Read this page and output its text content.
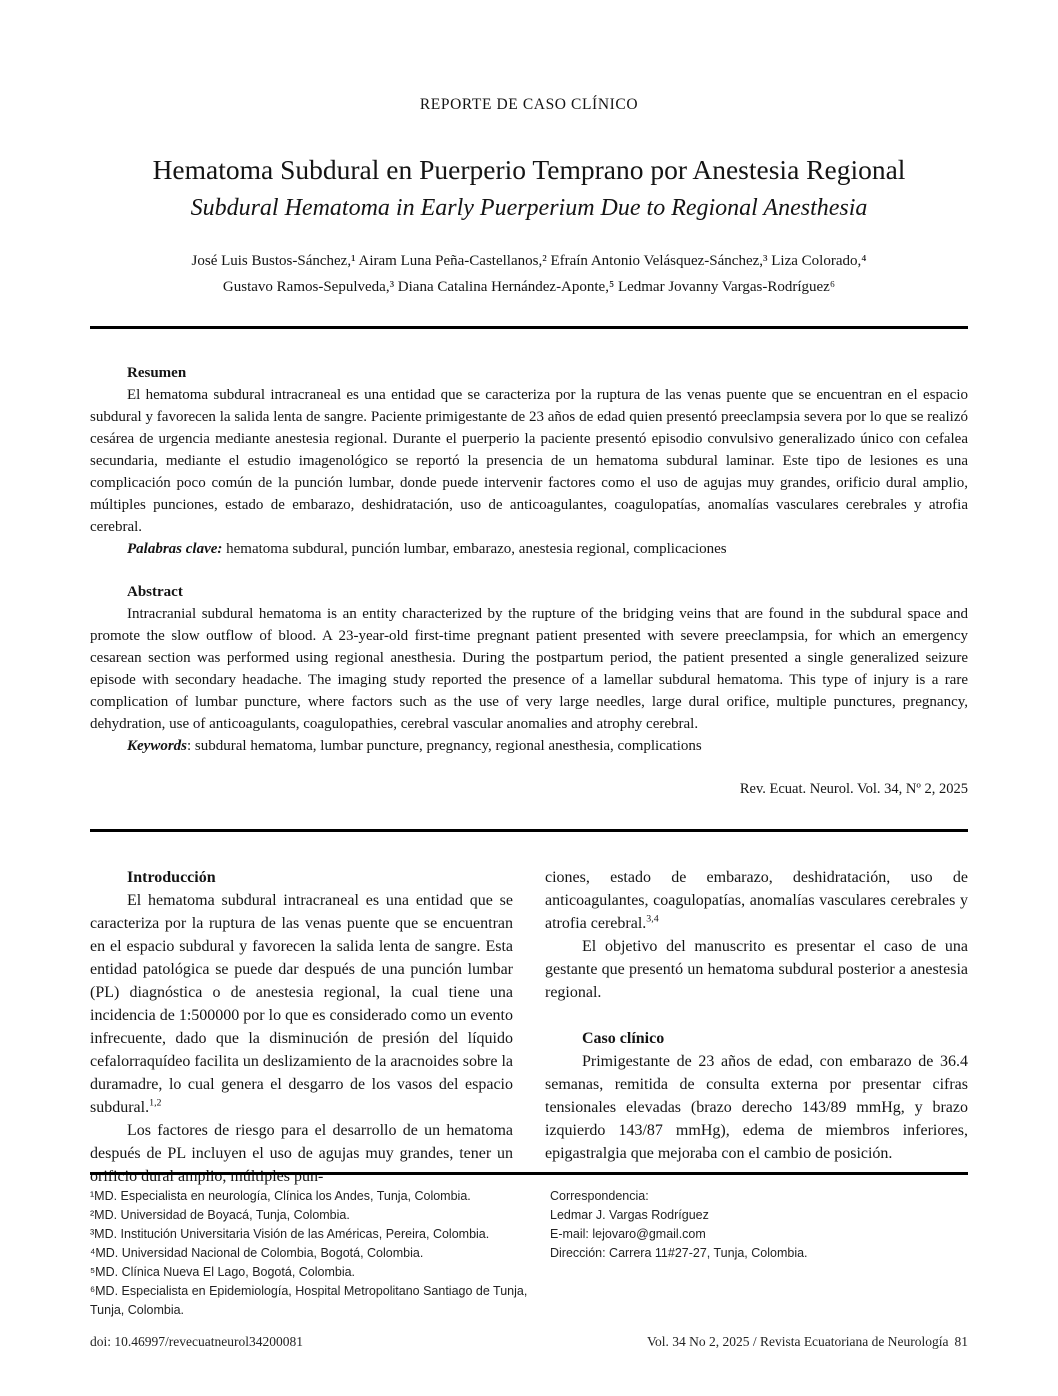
REPORTE DE CASO CLÍNICO
Hematoma Subdural en Puerperio Temprano por Anestesia Regional
Subdural Hematoma in Early Puerperium Due to Regional Anesthesia
José Luis Bustos-Sánchez,¹ Airam Luna Peña-Castellanos,² Efraín Antonio Velásquez-Sánchez,³ Liza Colorado,⁴
Gustavo Ramos-Sepulveda,³ Diana Catalina Hernández-Aponte,⁵ Ledmar Jovanny Vargas-Rodríguez⁶
Resumen

El hematoma subdural intracraneal es una entidad que se caracteriza por la ruptura de las venas puente que se encuentran en el espacio subdural y favorecen la salida lenta de sangre. Paciente primigestante de 23 años de edad quien presentó preeclampsia severa por lo que se realizó cesárea de urgencia mediante anestesia regional. Durante el puerperio la paciente presentó episodio convulsivo generalizado único con cefalea secundaria, mediante el estudio imagenológico se reportó la presencia de un hematoma subdural laminar. Este tipo de lesiones es una complicación poco común de la punción lumbar, donde puede intervenir factores como el uso de agujas muy grandes, orificio dural amplio, múltiples punciones, estado de embarazo, deshidratación, uso de anticoagulantes, coagulopatías, anomalías vasculares cerebrales y atrofia cerebral.

Palabras clave: hematoma subdural, punción lumbar, embarazo, anestesia regional, complicaciones

Abstract

Intracranial subdural hematoma is an entity characterized by the rupture of the bridging veins that are found in the subdural space and promote the slow outflow of blood. A 23-year-old first-time pregnant patient presented with severe preeclampsia, for which an emergency cesarean section was performed using regional anesthesia. During the postpartum period, the patient presented a single generalized seizure episode with secondary headache. The imaging study reported the presence of a lamellar subdural hematoma. This type of injury is a rare complication of lumbar puncture, where factors such as the use of very large needles, large dural orifice, multiple punctures, pregnancy, dehydration, use of anticoagulants, coagulopathies, cerebral vascular anomalies and atrophy cerebral.

Keywords: subdural hematoma, lumbar puncture, pregnancy, regional anesthesia, complications

Rev. Ecuat. Neurol. Vol. 34, Nº 2, 2025
Introducción

El hematoma subdural intracraneal es una entidad que se caracteriza por la ruptura de las venas puente que se encuentran en el espacio subdural y favorecen la salida lenta de sangre. Esta entidad patológica se puede dar después de una punción lumbar (PL) diagnóstica o de anestesia regional, la cual tiene una incidencia de 1:500000 por lo que es considerado como un evento infrecuente, dado que la disminución de presión del líquido cefalorraquídeo facilita un deslizamiento de la aracnoides sobre la duramadre, lo cual genera el desgarro de los vasos del espacio subdural.$^{1,2}$

Los factores de riesgo para el desarrollo de un hematoma después de PL incluyen el uso de agujas muy grandes, tener un orificio dural amplio, múltiples pun-

ciones, estado de embarazo, deshidratación, uso de anticoagulantes, coagulopatías, anomalías vasculares cerebrales y atrofia cerebral.$^{3,4}$

El objetivo del manuscrito es presentar el caso de una gestante que presentó un hematoma subdural posterior a anestesia regional.

Caso clínico

Primigestante de 23 años de edad, con embarazo de 36.4 semanas, remitida de consulta externa por presentar cifras tensionales elevadas (brazo derecho 143/89 mmHg, y brazo izquierdo 143/87 mmHg), edema de miembros inferiores, epigastralgia que mejoraba con el cambio de posición.

¹MD. Especialista en neurología, Clínica los Andes, Tunja, Colombia.
²MD. Universidad de Boyacá, Tunja, Colombia.
³MD. Institución Universitaria Visión de las Américas, Pereira, Colombia.
⁴MD. Universidad Nacional de Colombia, Bogotá, Colombia.
⁵MD. Clínica Nueva El Lago, Bogotá, Colombia.
⁶MD. Especialista en Epidemiología, Hospital Metropolitano Santiago de Tunja, Tunja, Colombia.
Correspondencia:
Ledmar J. Vargas Rodríguez
E-mail: lejovaro@gmail.com
Dirección: Carrera 11#27-27, Tunja, Colombia.
doi: 10.46997/revecuatneurol34200081	Vol. 34 No 2, 2025 / Revista Ecuatoriana de Neurología 81
